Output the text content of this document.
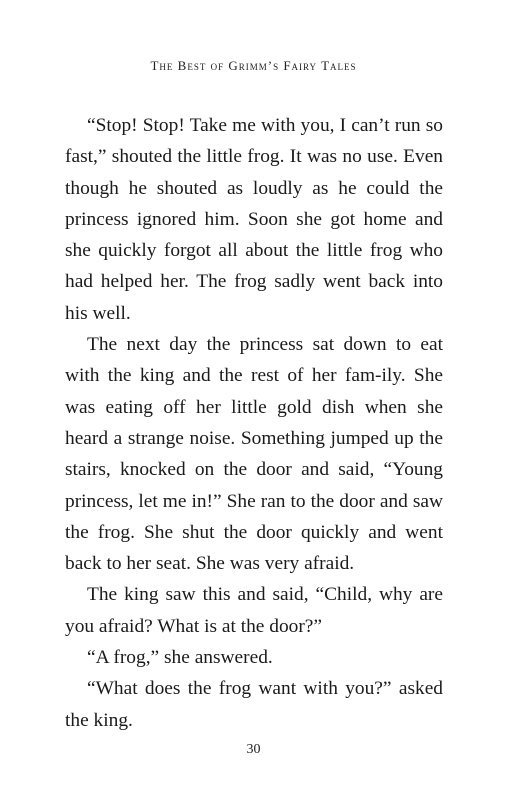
The Best of Grimm’s Fairy Tales

“Stop! Stop! Take me with you, I can’t run so fast,” shouted the little frog. It was no use. Even though he shouted as loudly as he could the princess ignored him. Soon she got home and she quickly forgot all about the little frog who had helped her. The frog sadly went back into his well.

The next day the princess sat down to eat with the king and the rest of her fam-ily. She was eating off her little gold dish when she heard a strange noise. Something jumped up the stairs, knocked on the door and said, “Young princess, let me in!” She ran to the door and saw the frog. She shut the door quickly and went back to her seat. She was very afraid.

The king saw this and said, “Child, why are you afraid? What is at the door?”

“A frog,” she answered.

“What does the frog want with you?” asked the king.

30
